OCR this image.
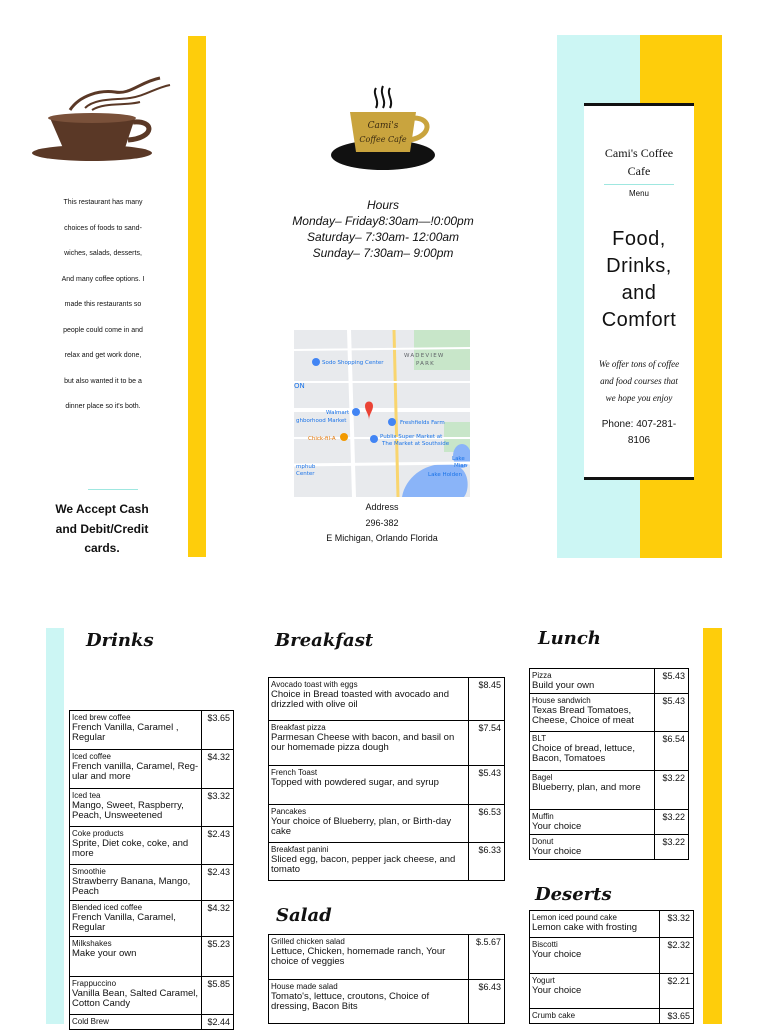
This restaurant has many

choices of foods to sand-

wiches, salads, desserts,

And many coffee options. I

made this restaurants so

people could come in and

relax and get work done,

but also wanted it to be a

dinner place so it's both.

We Accept Cash
and Debit/Credit
cards.
Cami's
Coffee Cafe
Hours
Monday– Friday8:30am—!0:00pm
Saturday– 7:30am- 12:00am
Sunday– 7:30am– 9:00pm
Sodo Shopping Center
WADEVIEW
PARK
Walmart
ghborhood Market	Freshfields Farm
Chick-fil-A	Publix Super Market at
The Market at Southside
Lake Holden
Lake
Mian
mphub
Center
ON
Address
296-382
E Michigan, Orlando Florida
Cami's Coffee
Cafe
Menu
Food,
Drinks,
and
Comfort
We offer tons of coffee
and food courses that
we hope you enjoy
Phone: 407-281-
8106
Drinks
Iced brew coffee
French Vanilla, Caramel , Regular	$3.65

Iced coffee
French vanilla, Caramel, Reg-ular and more	$4.32

Iced tea
Mango, Sweet, Raspberry, Peach, Unsweetened	$3.32

Coke products
Sprite, Diet coke, coke, and more	$2.43

Smoothie
Strawberry Banana, Mango, Peach	$2.43

Blended iced coffee
French Vanilla, Caramel, Regular	$4.32

Milkshakes
Make your own	$5.23

Frappuccino
Vanilla Bean, Salted Caramel, Cotton Candy	$5.85

Cold Brew	$2.44
Breakfast
Avocado toast with eggs
Choice in Bread toasted with avocado and drizzled with olive oil	$8.45

Breakfast pizza
Parmesan Cheese with bacon, and basil on our homemade pizza dough	$7.54

French Toast
Topped with powdered sugar, and syrup	$5.43

Pancakes
Your choice of Blueberry, plan, or Birth-day cake	$6.53

Breakfast panini
Sliced egg, bacon, pepper jack cheese, and tomato	$6.33
Salad
Grilled chicken salad
Lettuce, Chicken, homemade ranch, Your choice of veggies	$.5.67

House made salad
Tomato's, lettuce, croutons, Choice of dressing, Bacon Bits	$6.43
Lunch
Pizza
Build your own	$5.43

House sandwich
Texas Bread Tomatoes, Cheese, Choice of meat	$5.43

BLT
Choice of bread, lettuce, Bacon, Tomatoes	$6.54

Bagel
Blueberry, plan, and more	$3.22

Muffin
Your choice	$3.22

Donut
Your choice	$3.22
Deserts
Lemon iced pound cake
Lemon cake with frosting	$3.32

Biscotti
Your choice	$2.32

Yogurt
Your choice	$2.21

Crumb cake	$3.65
